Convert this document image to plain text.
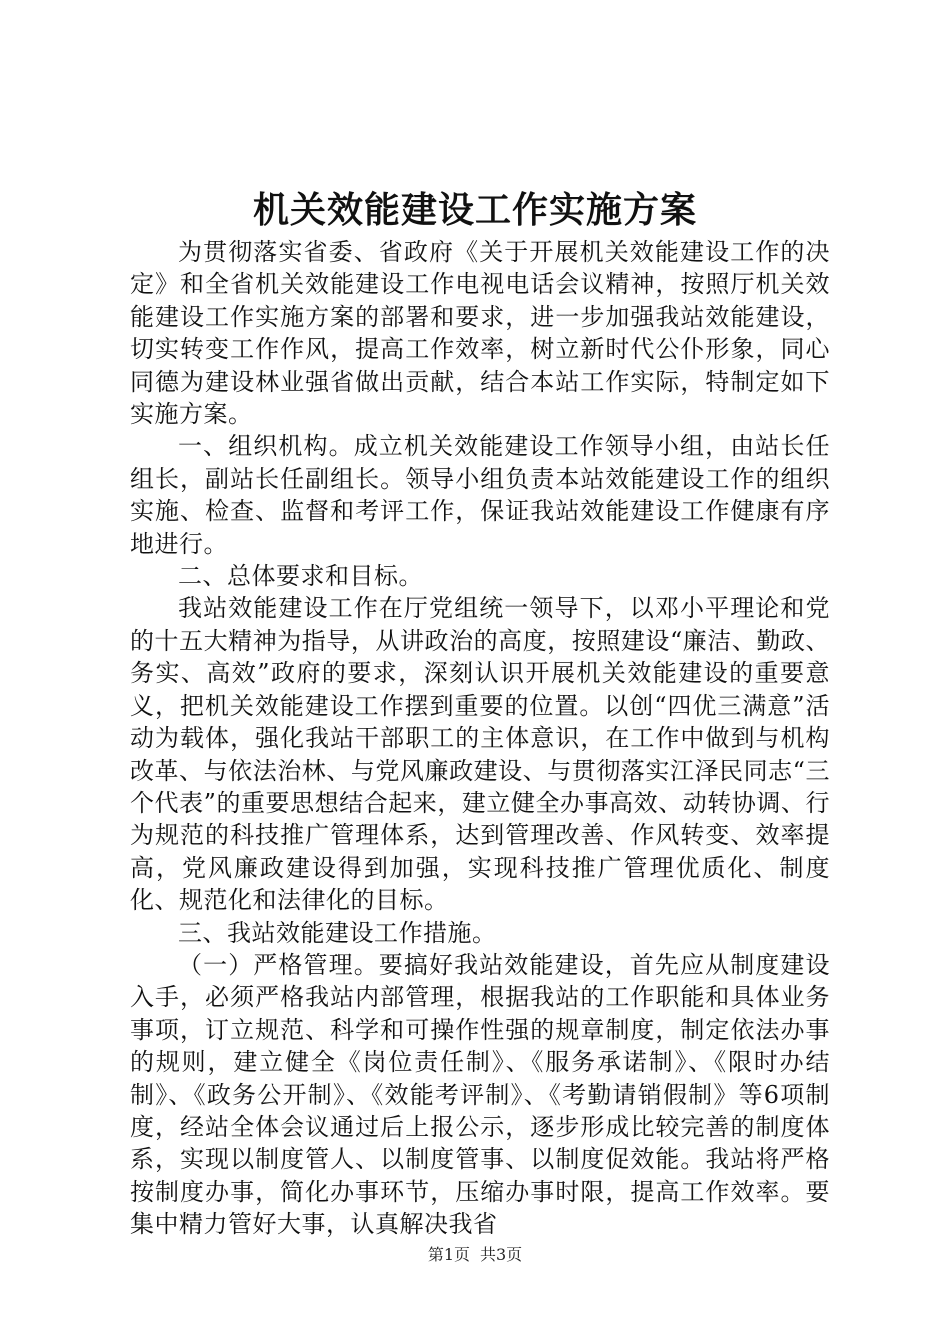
机关效能建设工作实施方案

为贯彻落实省委、省政府《关于开展机关效能建设工作的决定》和全省机关效能建设工作电视电话会议精神，按照厅机关效能建设工作实施方案的部署和要求，进一步加强我站效能建设，切实转变工作作风，提高工作效率，树立新时代公仆形象，同心同德为建设林业强省做出贡献，结合本站工作实际，特制定如下实施方案。

一、组织机构。成立机关效能建设工作领导小组，由站长任组长，副站长任副组长。领导小组负责本站效能建设工作的组织实施、检查、监督和考评工作，保证我站效能建设工作健康有序地进行。

二、总体要求和目标。

我站效能建设工作在厅党组统一领导下，以邓小平理论和党的十五大精神为指导，从讲政治的高度，按照建设“廉洁、勤政、务实、高效”政府的要求，深刻认识开展机关效能建设的重要意义，把机关效能建设工作摆到重要的位置。以创“四优三满意”活动为载体，强化我站干部职工的主体意识，在工作中做到与机构改革、与依法治林、与党风廉政建设、与贯彻落实江泽民同志“三个代表”的重要思想结合起来，建立健全办事高效、动转协调、行为规范的科技推广管理体系，达到管理改善、作风转变、效率提高，党风廉政建设得到加强，实现科技推广管理优质化、制度化、规范化和法律化的目标。

三、我站效能建设工作措施。

（一）严格管理。要搞好我站效能建设，首先应从制度建设入手，必须严格我站内部管理，根据我站的工作职能和具体业务事项，订立规范、科学和可操作性强的规章制度，制定依法办事的规则，建立健全《岗位责任制》、《服务承诺制》、《限时办结制》、《政务公开制》、《效能考评制》、《考勤请销假制》等6项制度，经站全体会议通过后上报公示，逐步形成比较完善的制度体系，实现以制度管人、以制度管事、以制度促效能。我站将严格按制度办事，简化办事环节，压缩办事时限，提高工作效率。要集中精力管好大事，认真解决我省

第1页 共3页
